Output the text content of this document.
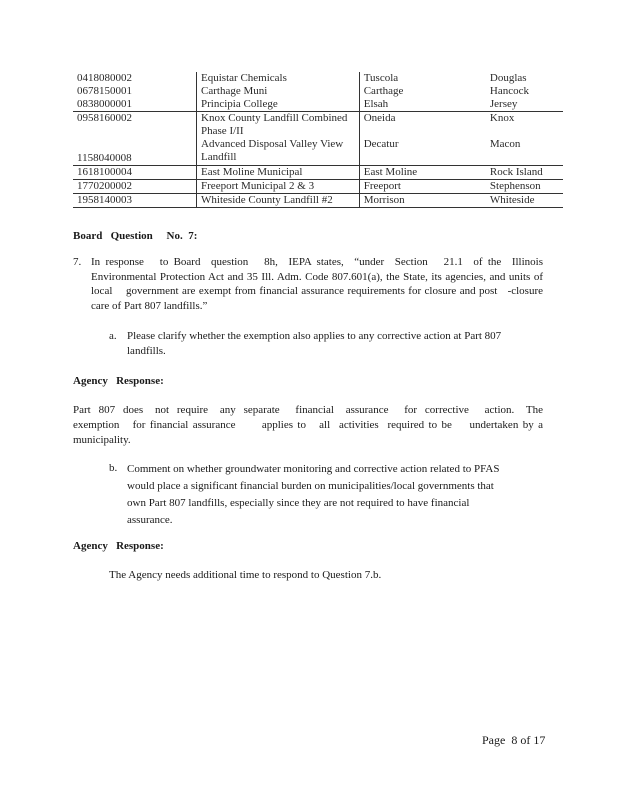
0418080002	Equistar Chemicals	Tuscola	Douglas
0678150001	Carthage Muni	Carthage	Hancock
0838000001	Principia College	Elsah	Jersey
0958160002	Knox County Landfill Combined Phase I/II	Oneida	Knox
1158040008	Advanced Disposal Valley View Landfill	Decatur	Macon
1618100004	East Moline Municipal	East Moline	Rock Island
1770200002	Freeport Municipal 2 & 3	Freeport	Stephenson
1958140003	Whiteside County Landfill #2	Morrison	Whiteside
Board   Question     No.  7:
7. In response   to Board  question   8h,  IEPA states,  “under  Section   21.1  of the  Illinois Environmental Protection Act and 35 Ill. Adm. Code 807.601(a), the State, its agencies, and units of local    government are exempt from financial assurance requirements for closure and post   -closure care of Part 807 landfills.”
a. Please clarify whether the exemption also applies to any corrective action at Part 807 landfills.
Agency   Response:
Part  807  does   not  require   any  separate    financial   assurance    for  corrective    action.   The exemption   for financial assurance      applies to   all  activities  required to be    undertaken by a municipality.
b. Comment on whether groundwater monitoring and corrective action related to PFAS would place a significant financial burden on municipalities/local governments that own Part 807 landfills, especially since they are not required to have financial assurance.
Agency   Response:
The Agency needs additional time to respond to Question 7.b.
Page  8 of 17
